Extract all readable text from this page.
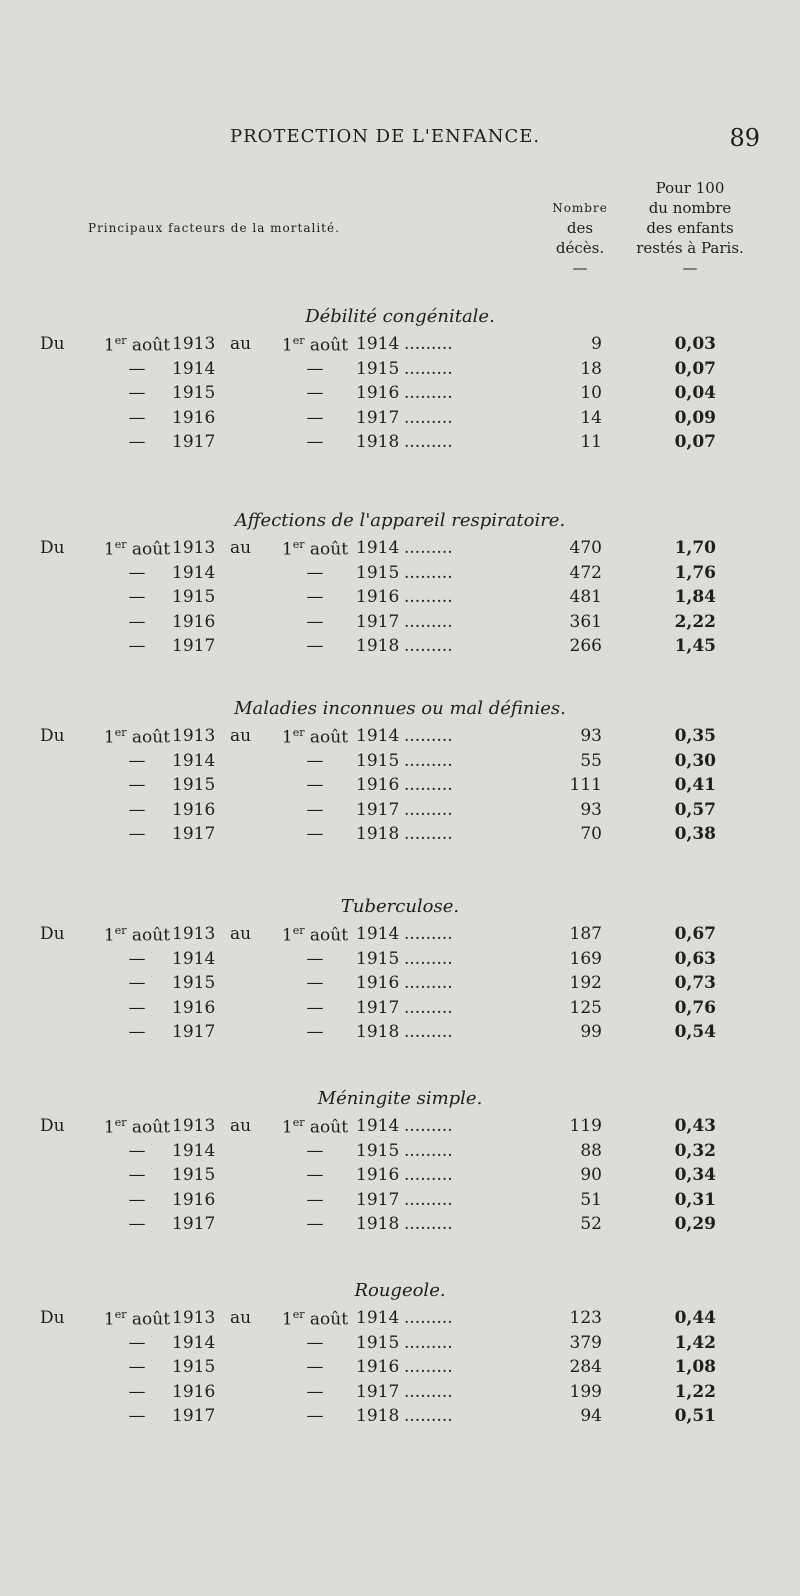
PROTECTION DE L'ENFANCE.	89
Principaux facteurs de la mortalité.
Nombre
des
décès.
—
Pour 100
du nombre
des enfants
restés à Paris.
—
Débilité congénitale.
Du 1er août 1913 au 1er août 1914	9	0,03
.........
—	1914	—	1915	18	0,07
.........
—	1915	—	1916	10	0,04
.........
—	1916	—	1917	14	0,09
.........
—	1917	—	1918	11	0,07
.........
Affections de l'appareil respiratoire.
Du 1er août 1913 au 1er août 1914	470	1,70
.........
—	1914	—	1915	472	1,76
.........
—	1915	—	1916	481	1,84
.........
—	1916	—	1917	361	2,22
.........
—	1917	—	1918	266	1,45
.........
Maladies inconnues ou mal définies.
Du 1er août 1913 au 1er août 1914	93	0,35
.........
—	1914	—	1915	55	0,30
.........
—	1915	—	1916	111	0,41
.........
—	1916	—	1917	93	0,57
.........
—	1917	—	1918	70	0,38
.........
Tuberculose.
Du 1er août 1913 au 1er août 1914	187	0,67
.........
—	1914	—	1915	169	0,63
.........
—	1915	—	1916	192	0,73
.........
—	1916	—	1917	125	0,76
.........
—	1917	—	1918	99	0,54
.........
Méningite simple.
Du 1er août 1913 au 1er août 1914	119	0,43
.........
—	1914	—	1915	88	0,32
.........
—	1915	—	1916	90	0,34
.........
—	1916	—	1917	51	0,31
.........
—	1917	—	1918	52	0,29
.........
Rougeole.
Du 1er août 1913 au 1er août 1914	123	0,44
.........
—	1914	—	1915	379	1,42
.........
—	1915	—	1916	284	1,08
.........
—	1916	—	1917	199	1,22
.........
—	1917	—	1918	94	0,51
.........
